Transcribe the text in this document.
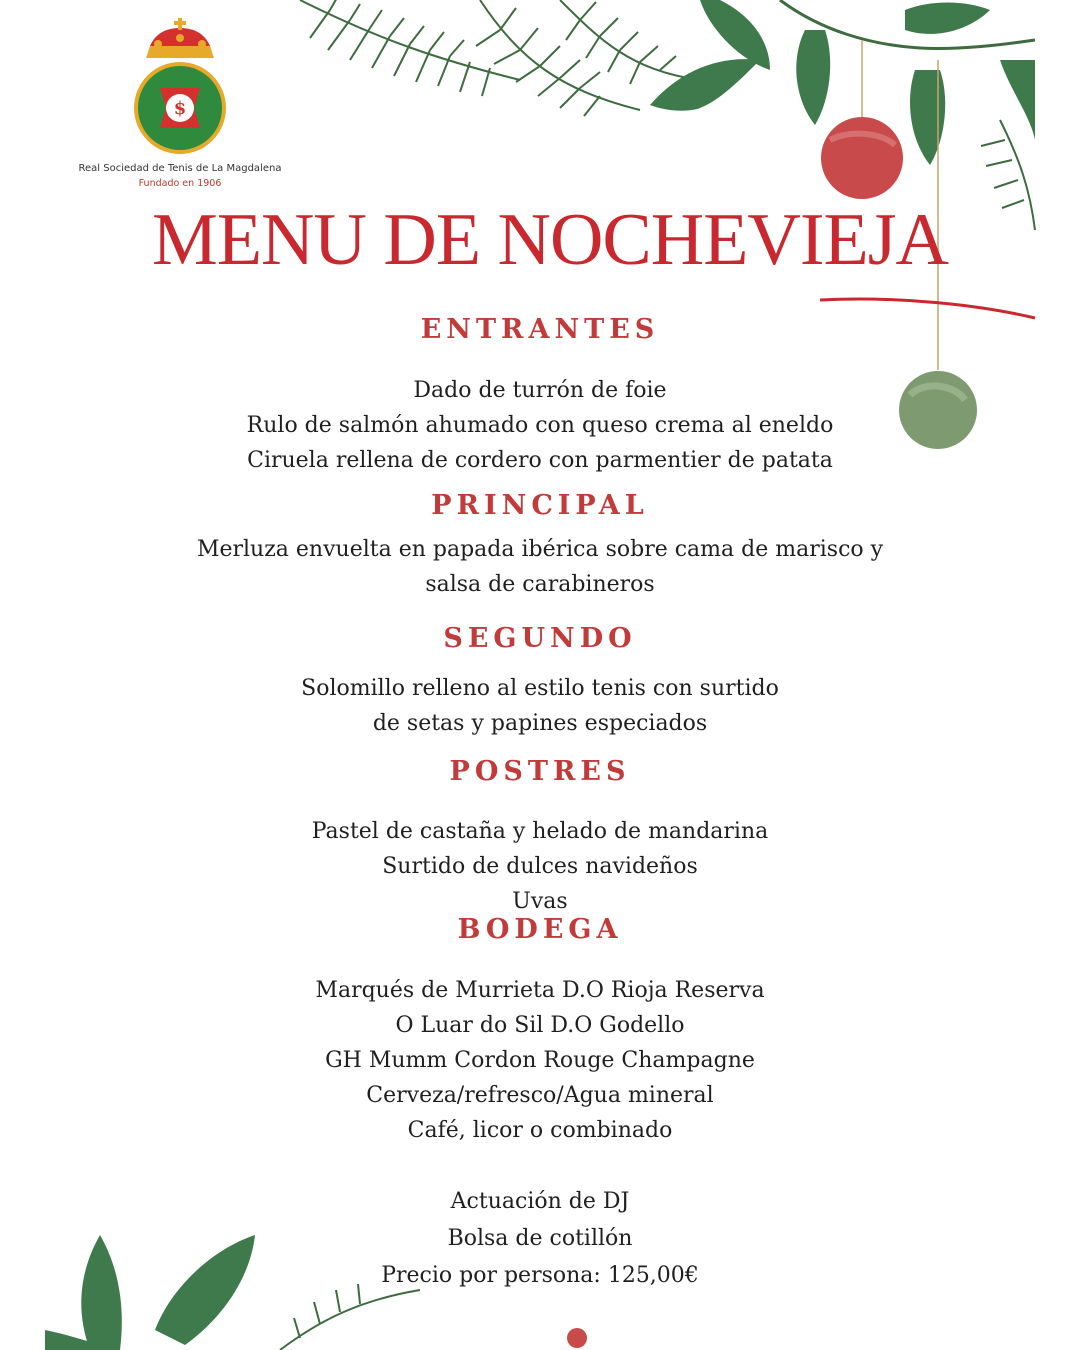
$
Real Sociedad de Tenis de La Magdalena
Fundado en 1906
MENU DE NOCHEVIEJA
ENTRANTES
Dado de turrón de foie
Rulo de salmón ahumado con queso crema al eneldo
Ciruela rellena de cordero con parmentier de patata
PRINCIPAL
Merluza envuelta en papada ibérica sobre cama de marisco y
salsa de carabineros
SEGUNDO
Solomillo relleno al estilo tenis con surtido
de setas y papines especiados
POSTRES
Pastel de castaña y helado de mandarina
Surtido de dulces navideños
Uvas
BODEGA
Marqués de Murrieta D.O Rioja Reserva
O Luar do Sil D.O Godello
GH Mumm Cordon Rouge Champagne
Cerveza/refresco/Agua mineral
Café, licor o combinado
Actuación de DJ
Bolsa de cotillón
Precio por persona: 125,00€
